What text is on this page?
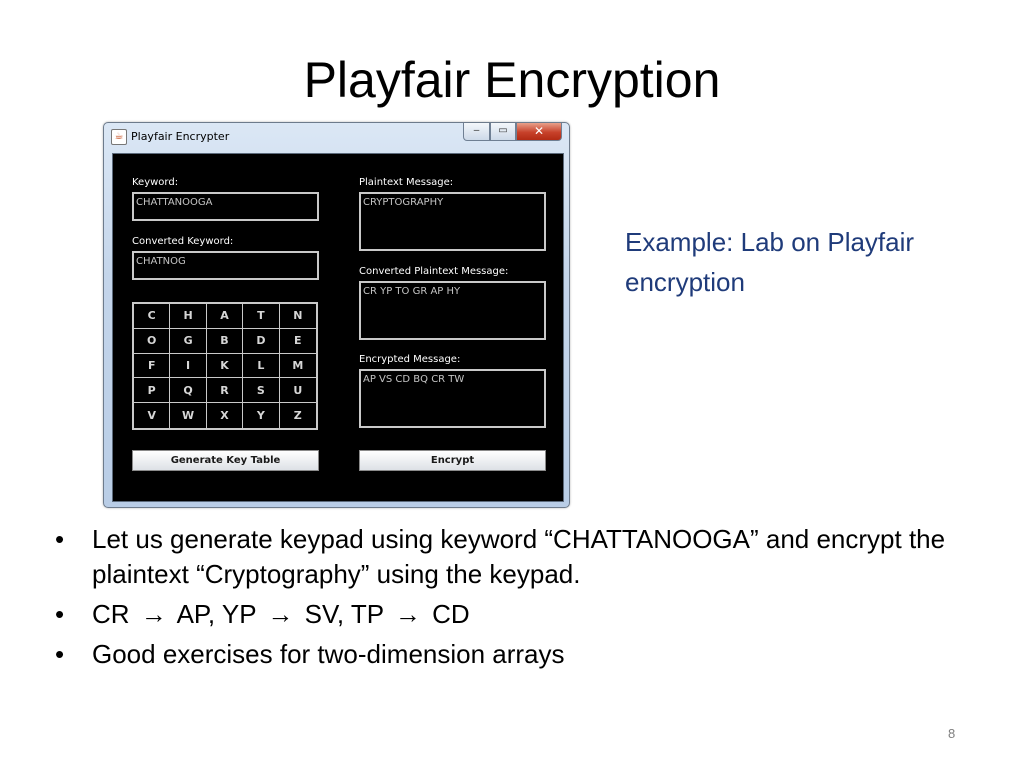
Playfair Encryption
☕ Playfair Encrypter	–	▭	✕
Keyword:
CHATTANOOGA
Converted Keyword:
CHATNOG
C	H	A	T	N
O	G	B	D	E
F	I	K	L	M
P	Q	R	S	U
V	W	X	Y	Z
Generate Key Table
Plaintext Message:
CRYPTOGRAPHY
Converted Plaintext Message:
CR YP TO GR AP HY
Encrypted Message:
AP VS CD BQ CR TW
Encrypt
Example: Lab on Playfair encryption
• Let us generate keypad using keyword “CHATTANOOGA” and encrypt the plaintext “Cryptography” using the keypad.
• CR → AP, YP → SV, TP → CD
• Good exercises for two-dimension arrays
8
